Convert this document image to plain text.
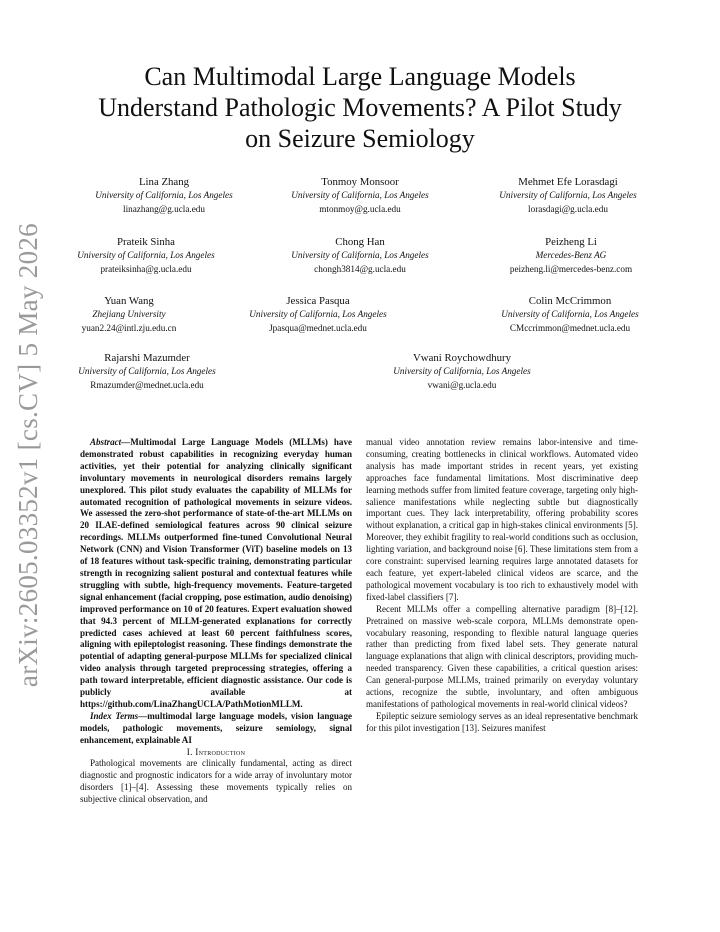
arXiv:2605.03352v1 [cs.CV] 5 May 2026
Can Multimodal Large Language Models
Understand Pathologic Movements? A Pilot Study
on Seizure Semiology
Lina Zhang
University of California, Los Angeles
linazhang@g.ucla.edu
Tonmoy Monsoor
University of California, Los Angeles
mtonmoy@g.ucla.edu
Mehmet Efe Lorasdagi
University of California, Los Angeles
lorasdagi@g.ucla.edu
Prateik Sinha
University of California, Los Angeles
prateiksinha@g.ucla.edu
Chong Han
University of California, Los Angeles
chongh3814@g.ucla.edu
Peizheng Li
Mercedes-Benz AG
peizheng.li@mercedes-benz.com
Yuan Wang
Zhejiang University
yuan2.24@intl.zju.edu.cn
Jessica Pasqua
University of California, Los Angeles
Jpasqua@mednet.ucla.edu
Colin McCrimmon
University of California, Los Angeles
CMccrimmon@mednet.ucla.edu
Rajarshi Mazumder
University of California, Los Angeles
Rmazumder@mednet.ucla.edu
Vwani Roychowdhury
University of California, Los Angeles
vwani@g.ucla.edu

Abstract—Multimodal Large Language Models (MLLMs) have demonstrated robust capabilities in recognizing everyday human activities, yet their potential for analyzing clinically significant involuntary movements in neurological disorders remains largely unexplored. This pilot study evaluates the capability of MLLMs for automated recognition of pathological movements in seizure videos. We assessed the zero-shot performance of state-of-the-art MLLMs on 20 ILAE-defined semiological features across 90 clinical seizure recordings. MLLMs outperformed fine-tuned Convolutional Neural Network (CNN) and Vision Transformer (ViT) baseline models on 13 of 18 features without task-specific training, demonstrating particular strength in recognizing salient postural and contextual features while struggling with subtle, high-frequency movements. Feature-targeted signal enhancement (facial cropping, pose estimation, audio denoising) improved performance on 10 of 20 features. Expert evaluation showed that 94.3 percent of MLLM-generated explanations for correctly predicted cases achieved at least 60 percent faithfulness scores, aligning with epileptologist reasoning. These findings demonstrate the potential of adapting general-purpose MLLMs for specialized clinical video analysis through targeted preprocessing strategies, offering a path toward interpretable, efficient diagnostic assistance. Our code is publicly available at https://github.com/LinaZhangUCLA/PathMotionMLLM.

Index Terms—multimodal large language models, vision language models, pathologic movements, seizure semiology, signal enhancement, explainable AI

I. Introduction

Pathological movements are clinically fundamental, acting as direct diagnostic and prognostic indicators for a wide array of involuntary motor disorders [1]–[4]. Assessing these movements typically relies on subjective clinical observation, and

manual video annotation review remains labor-intensive and time-consuming, creating bottlenecks in clinical workflows. Automated video analysis has made important strides in recent years, yet existing approaches face fundamental limitations. Most discriminative deep learning methods suffer from limited feature coverage, targeting only high-salience manifestations while neglecting subtle but diagnostically important cues. They lack interpretability, offering probability scores without explanation, a critical gap in high-stakes clinical environments [5]. Moreover, they exhibit fragility to real-world conditions such as occlusion, lighting variation, and background noise [6]. These limitations stem from a core constraint: supervised learning requires large annotated datasets for each feature, yet expert-labeled clinical videos are scarce, and the pathological movement vocabulary is too rich to exhaustively model with fixed-label classifiers [7].

Recent MLLMs offer a compelling alternative paradigm [8]–[12]. Pretrained on massive web-scale corpora, MLLMs demonstrate open-vocabulary reasoning, responding to flexible natural language queries rather than predicting from fixed label sets. They generate natural language explanations that align with clinical descriptors, providing much-needed transparency. Given these capabilities, a critical question arises: Can general-purpose MLLMs, trained primarily on everyday voluntary actions, recognize the subtle, involuntary, and often ambiguous manifestations of pathological movements in real-world clinical videos?

Epileptic seizure semiology serves as an ideal representative benchmark for this pilot investigation [13]. Seizures manifest
